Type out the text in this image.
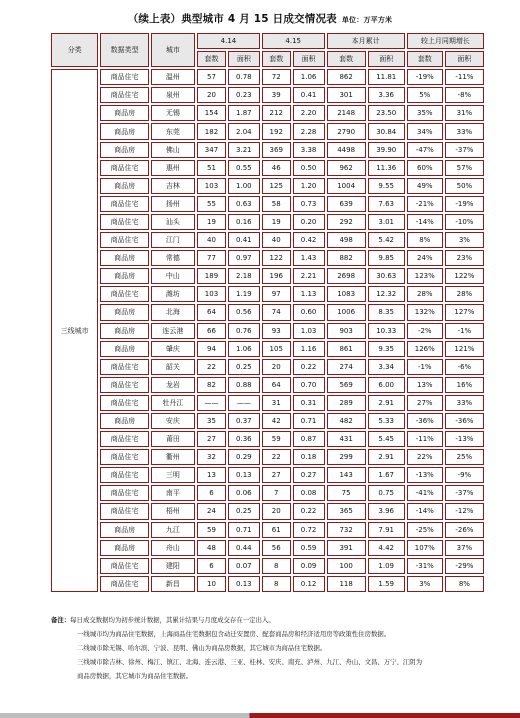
（续上表）典型城市 4 月 15 日成交情况表 单位：万平方米
分类	数据类型	城市	4.14		4.15		本月累计		较上月同期增长	
			套数	面积	套数	面积	套数	面积	套数	面积
三线城市	商品住宅	温州	57	0.78	72	1.06	862	11.81	-19%	-11%
	商品住宅	泉州	20	0.23	39	0.41	301	3.36	5%	-8%
	商品房	无锡	154	1.87	212	2.20	2148	23.50	35%	31%
	商品房	东莞	182	2.04	192	2.28	2790	30.84	34%	33%
	商品房	佛山	347	3.21	369	3.38	4498	39.90	-47%	-37%
	商品住宅	惠州	51	0.55	46	0.50	962	11.36	60%	57%
	商品房	吉林	103	1.00	125	1.20	1004	9.55	49%	50%
	商品住宅	扬州	55	0.63	58	0.73	639	7.63	-21%	-19%
	商品住宅	汕头	19	0.16	19	0.20	292	3.01	-14%	-10%
	商品住宅	江门	40	0.41	40	0.42	498	5.42	8%	3%
	商品房	常德	77	0.97	122	1.43	882	9.85	24%	23%
	商品房	中山	189	2.18	196	2.21	2698	30.63	123%	122%
	商品住宅	潍坊	103	1.19	97	1.13	1083	12.32	28%	28%
	商品房	北海	64	0.56	74	0.60	1006	8.35	132%	127%
	商品房	连云港	66	0.76	93	1.03	903	10.33	-2%	-1%
	商品房	肇庆	94	1.06	105	1.16	861	9.35	126%	121%
	商品住宅	韶关	22	0.25	20	0.22	274	3.34	-1%	-6%
	商品住宅	龙岩	82	0.88	64	0.70	569	6.00	13%	16%
	商品住宅	牡丹江	——	——	31	0.31	289	2.91	27%	33%
	商品房	安庆	35	0.37	42	0.71	482	5.33	-36%	-36%
	商品住宅	莆田	27	0.36	59	0.87	431	5.45	-11%	-13%
	商品住宅	衢州	32	0.29	22	0.18	299	2.91	22%	25%
	商品住宅	三明	13	0.13	27	0.27	143	1.67	-13%	-9%
	商品住宅	南平	6	0.06	7	0.08	75	0.75	-41%	-37%
	商品住宅	梧州	24	0.25	20	0.22	365	3.96	-14%	-12%
	商品房	九江	59	0.71	61	0.72	732	7.91	-25%	-26%
	商品房	舟山	48	0.44	56	0.59	391	4.42	107%	37%
	商品住宅	建阳	6	0.07	8	0.09	100	1.09	-31%	-29%
	商品住宅	新昌	10	0.13	8	0.12	118	1.59	3%	8%
备注：每日成交数据均为初步统计数据，其累计结果与月度成交存在一定出入。
一线城市均为商品住宅数据，上海商品住宅数据包含动迁安置房、配套商品房和经济适用房等政策性住房数据。
二线城市除无锡、哈尔滨、宁波、昆明、佛山为商品房数据，其它城市为商品住宅数据。
三线城市除吉林、徐州、梅江、镇江、北海、连云港、三亚、桂林、安庆、南充、泸州、九江、舟山、文昌、万宁、江阴为
商品房数据，其它城市为商品住宅数据。
